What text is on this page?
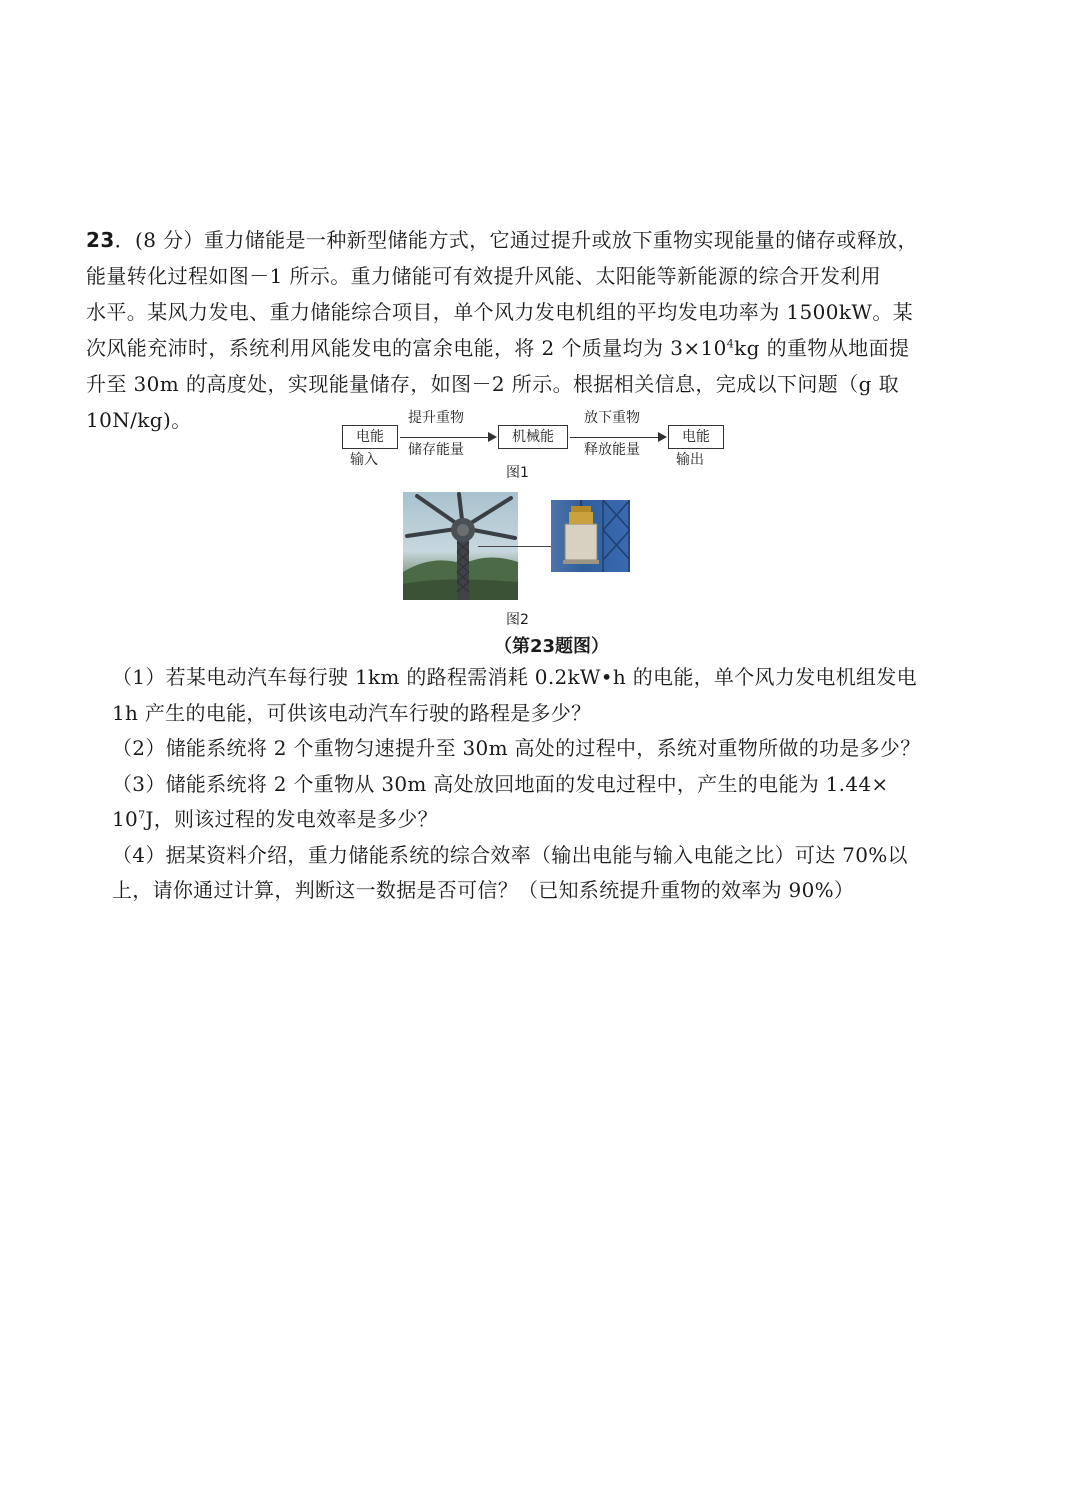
23．(8 分）重力储能是一种新型储能方式，它通过提升或放下重物实现能量的储存或释放，
能量转化过程如图－1 所示。重力储能可有效提升风能、太阳能等新能源的综合开发利用
水平。某风力发电、重力储能综合项目，单个风力发电机组的平均发电功率为 1500kW。某
次风能充沛时，系统利用风能发电的富余电能，将 2 个质量均为 $3\times 10^4kg$ 的重物从地面提
升至 30m 的高度处，实现能量储存，如图－2 所示。根据相关信息，完成以下问题（g 取
10N/kg)。
电能
输入
提升重物
储存能量
机械能
放下重物
释放能量
电能
输出
图1
图2
（第23题图）

（1）若某电动汽车每行驶 1km 的路程需消耗 0.2kW•h 的电能，单个风力发电机组发电

1h 产生的电能，可供该电动汽车行驶的路程是多少？

（2）储能系统将 2 个重物匀速提升至 30m 高处的过程中，系统对重物所做的功是多少？

（3）储能系统将 2 个重物从 30m 高处放回地面的发电过程中，产生的电能为 1.44×

$10^7J$，则该过程的发电效率是多少？

（4）据某资料介绍，重力储能系统的综合效率（输出电能与输入电能之比）可达 70%以

上，请你通过计算，判断这一数据是否可信？（已知系统提升重物的效率为 90%）
